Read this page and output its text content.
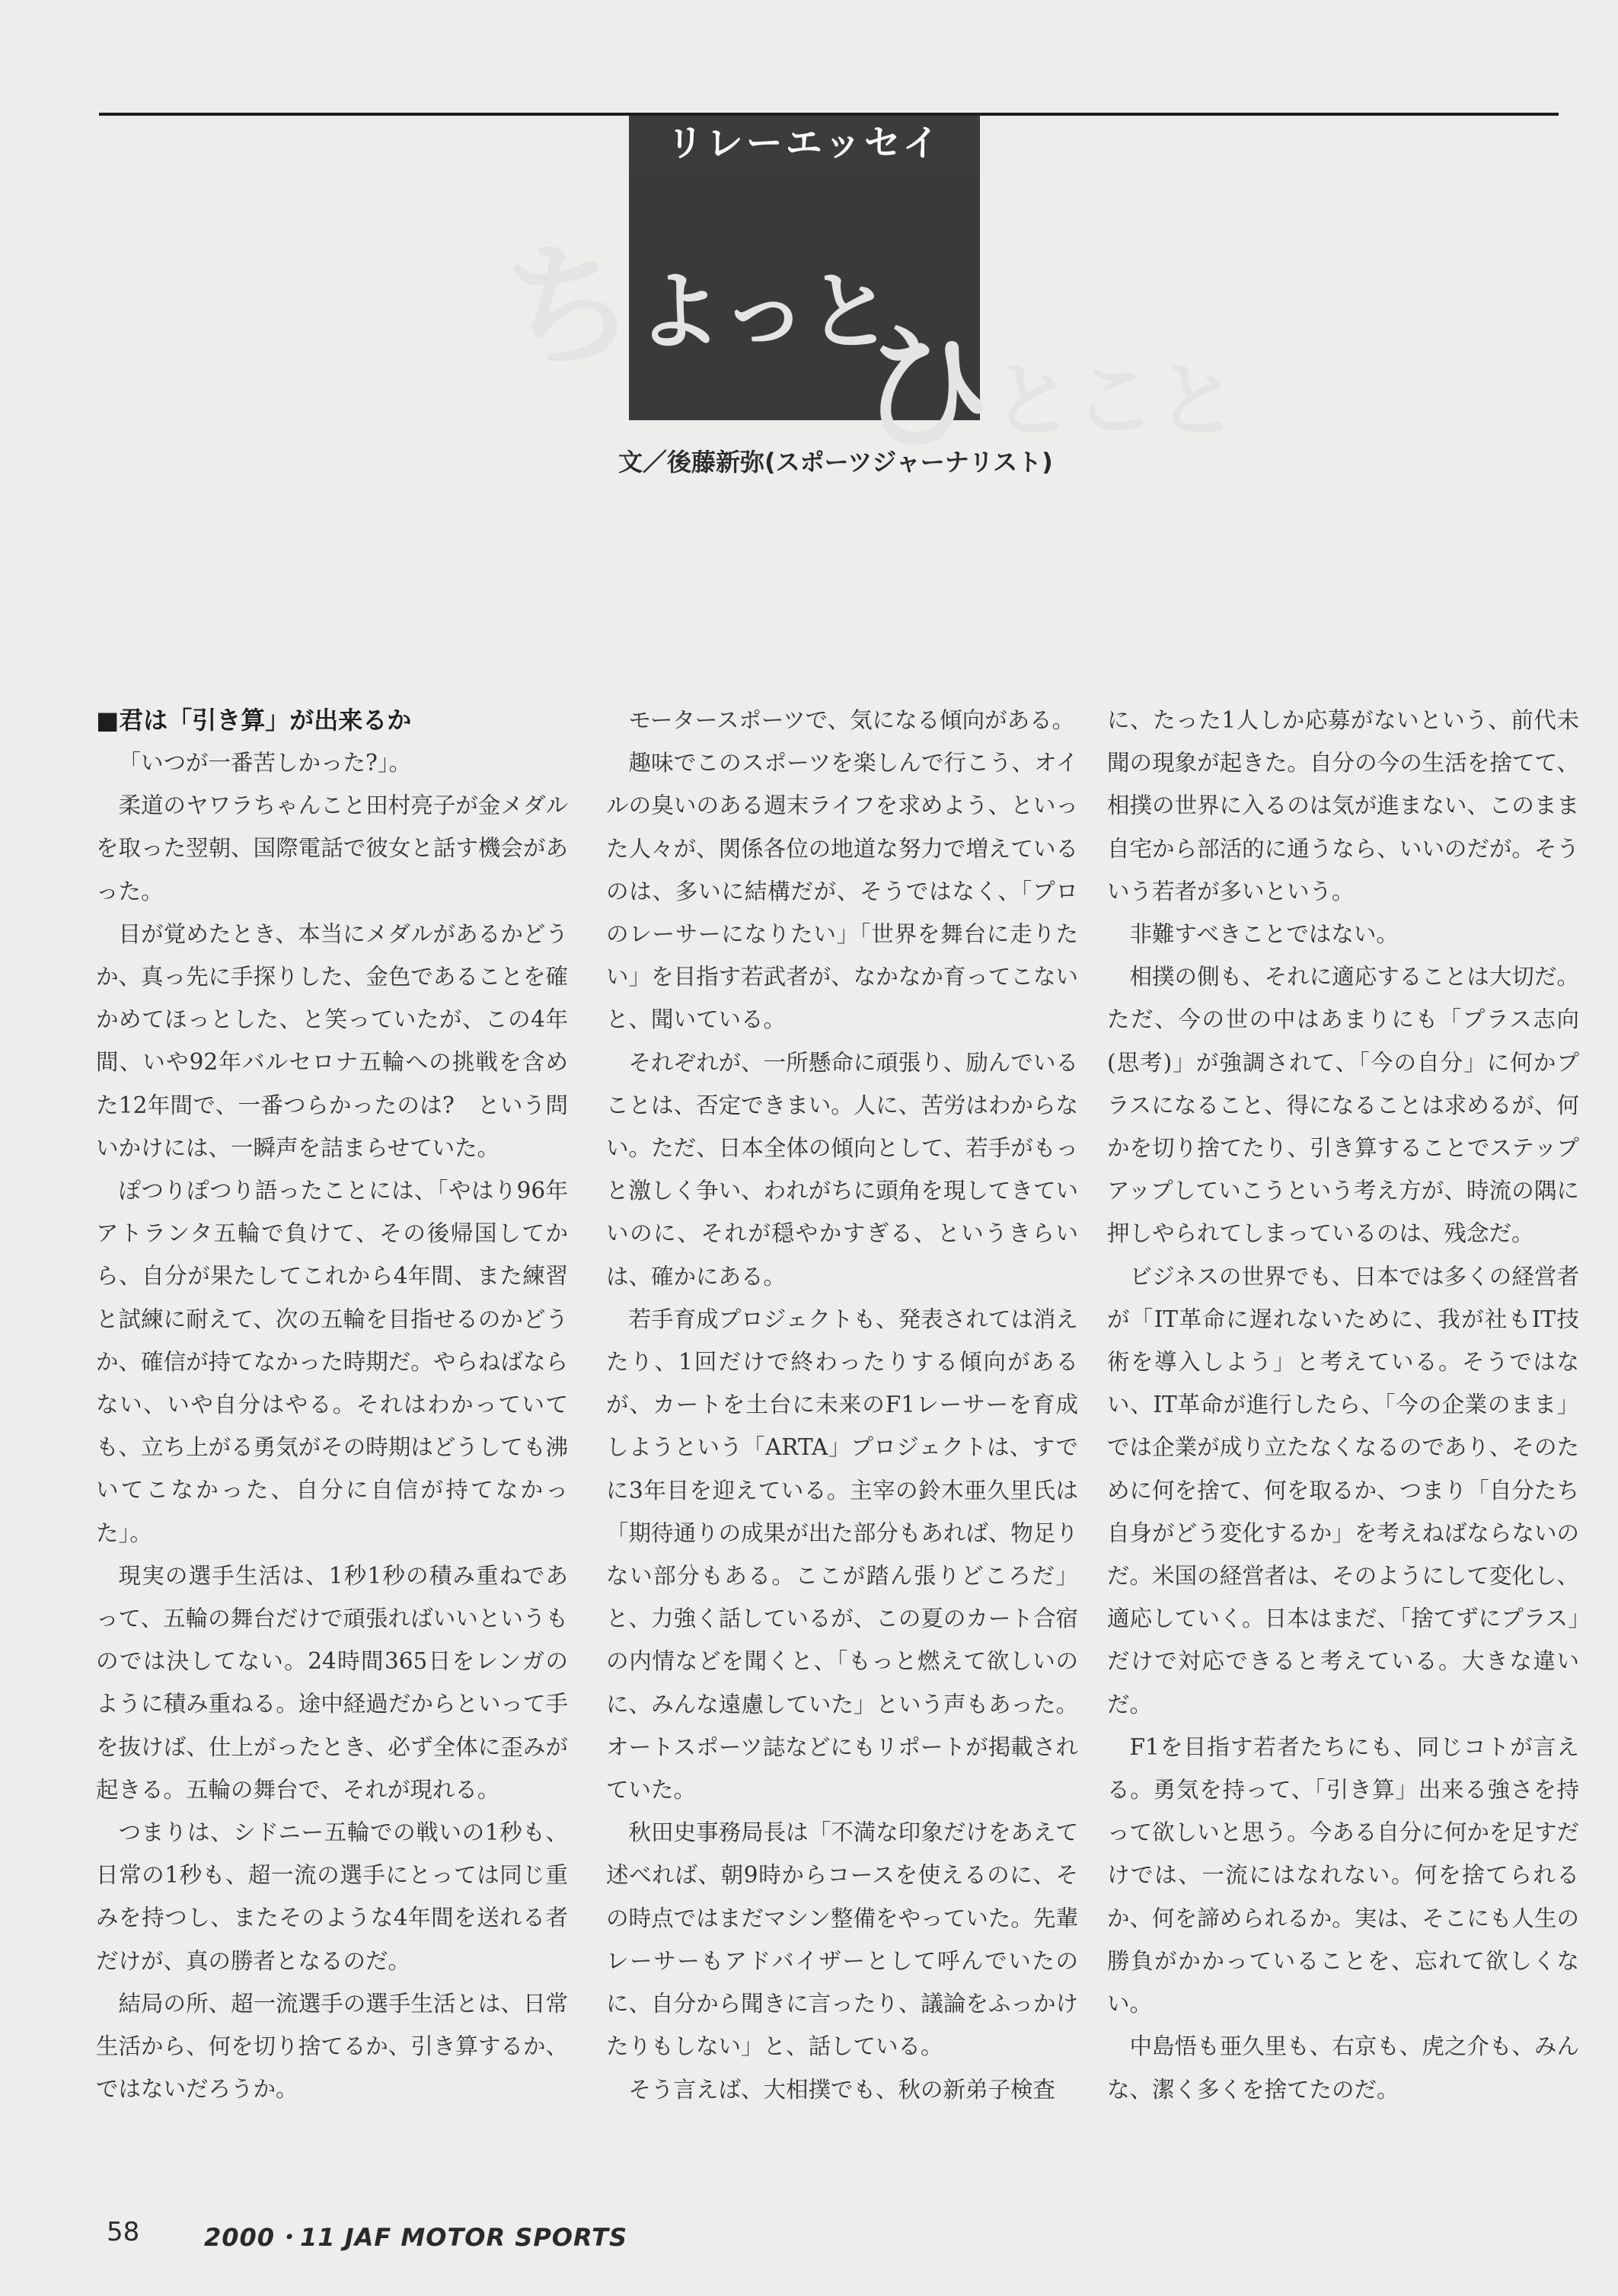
リレーエッセイ
ちよっと、
ひとこと
文／後藤新弥(スポーツジャーナリスト)
■君は「引き算」が出来るか

「いつが一番苦しかった?」。

柔道のヤワラちゃんこと田村亮子が金メダルを取った翌朝、国際電話で彼女と話す機会があった。

目が覚めたとき、本当にメダルがあるかどうか、真っ先に手探りした、金色であることを確かめてほっとした、と笑っていたが、この4年間、いや92年バルセロナ五輪への挑戦を含めた12年間で、一番つらかったのは?　という問いかけには、一瞬声を詰まらせていた。

ぽつりぽつり語ったことには、「やはり96年アトランタ五輪で負けて、その後帰国してから、自分が果たしてこれから4年間、また練習と試練に耐えて、次の五輪を目指せるのかどうか、確信が持てなかった時期だ。やらねばならない、いや自分はやる。それはわかっていても、立ち上がる勇気がその時期はどうしても沸いてこなかった、自分に自信が持てなかった」。

現実の選手生活は、1秒1秒の積み重ねであって、五輪の舞台だけで頑張ればいいというものでは決してない。24時間365日をレンガのように積み重ねる。途中経過だからといって手を抜けば、仕上がったとき、必ず全体に歪みが起きる。五輪の舞台で、それが現れる。

つまりは、シドニー五輪での戦いの1秒も、日常の1秒も、超一流の選手にとっては同じ重みを持つし、またそのような4年間を送れる者だけが、真の勝者となるのだ。

結局の所、超一流選手の選手生活とは、日常生活から、何を切り捨てるか、引き算するか、ではないだろうか。

モータースポーツで、気になる傾向がある。

趣味でこのスポーツを楽しんで行こう、オイルの臭いのある週末ライフを求めよう、といった人々が、関係各位の地道な努力で増えているのは、多いに結構だが、そうではなく、「プロのレーサーになりたい」「世界を舞台に走りたい」を目指す若武者が、なかなか育ってこないと、聞いている。

それぞれが、一所懸命に頑張り、励んでいることは、否定できまい。人に、苦労はわからない。ただ、日本全体の傾向として、若手がもっと激しく争い、われがちに頭角を現してきていいのに、それが穏やかすぎる、というきらいは、確かにある。

若手育成プロジェクトも、発表されては消えたり、1回だけで終わったりする傾向があるが、カートを土台に未来のF1レーサーを育成しようという「ARTA」プロジェクトは、すでに3年目を迎えている。主宰の鈴木亜久里氏は「期待通りの成果が出た部分もあれば、物足りない部分もある。ここが踏ん張りどころだ」と、力強く話しているが、この夏のカート合宿の内情などを聞くと、「もっと燃えて欲しいのに、みんな遠慮していた」という声もあった。オートスポーツ誌などにもリポートが掲載されていた。

秋田史事務局長は「不満な印象だけをあえて述べれば、朝9時からコースを使えるのに、その時点ではまだマシン整備をやっていた。先輩レーサーもアドバイザーとして呼んでいたのに、自分から聞きに言ったり、議論をふっかけたりもしない」と、話している。

そう言えば、大相撲でも、秋の新弟子検査

に、たった1人しか応募がないという、前代未聞の現象が起きた。自分の今の生活を捨てて、相撲の世界に入るのは気が進まない、このまま自宅から部活的に通うなら、いいのだが。そういう若者が多いという。

非難すべきことではない。

相撲の側も、それに適応することは大切だ。ただ、今の世の中はあまりにも「プラス志向(思考)」が強調されて、「今の自分」に何かプラスになること、得になることは求めるが、何かを切り捨てたり、引き算することでステップアップしていこうという考え方が、時流の隅に押しやられてしまっているのは、残念だ。

ビジネスの世界でも、日本では多くの経営者が「IT革命に遅れないために、我が社もIT技術を導入しよう」と考えている。そうではない、IT革命が進行したら、「今の企業のまま」では企業が成り立たなくなるのであり、そのために何を捨て、何を取るか、つまり「自分たち自身がどう変化するか」を考えねばならないのだ。米国の経営者は、そのようにして変化し、適応していく。日本はまだ、「捨てずにプラス」だけで対応できると考えている。大きな違いだ。

F1を目指す若者たちにも、同じコトが言える。勇気を持って、「引き算」出来る強さを持って欲しいと思う。今ある自分に何かを足すだけでは、一流にはなれない。何を捨てられるか、何を諦められるか。実は、そこにも人生の勝負がかかっていることを、忘れて欲しくない。

中島悟も亜久里も、右京も、虎之介も、みんな、潔く多くを捨てたのだ。

58	2000・11 JAF MOTOR SPORTS
